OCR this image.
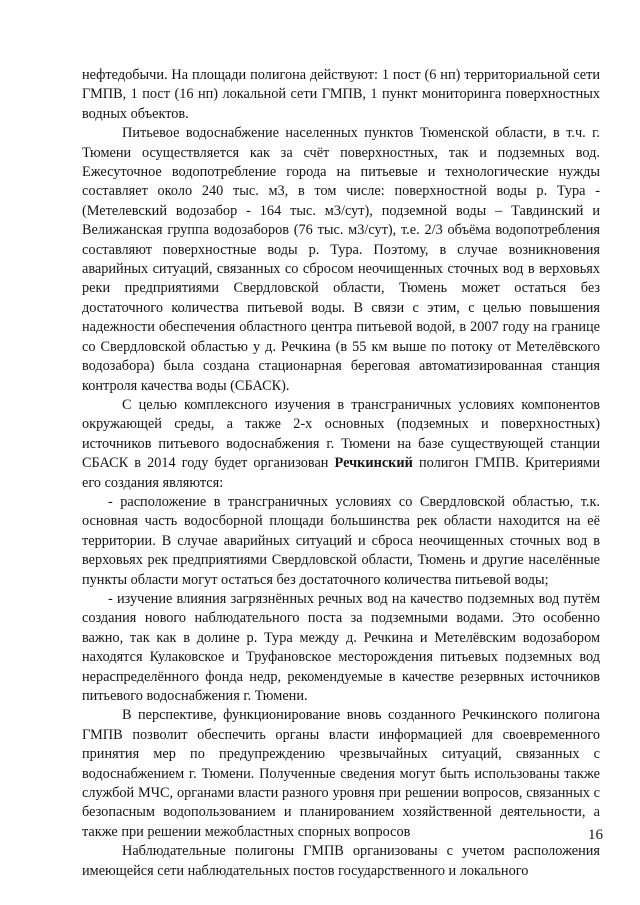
нефтедобычи. На площади полигона действуют: 1 пост (6 нп) территориальной сети ГМПВ, 1 пост (16 нп) локальной сети ГМПВ, 1 пункт мониторинга поверхностных водных объектов.

Питьевое водоснабжение населенных пунктов Тюменской области, в т.ч. г. Тюмени осуществляется как за счёт поверхностных, так и подземных вод. Ежесуточное водопотребление города на питьевые и технологические нужды составляет около 240 тыс. м3, в том числе: поверхностной воды р. Тура - (Метелевский водозабор - 164 тыс. м3/сут), подземной воды – Тавдинский и Велижанская группа водозаборов (76 тыс. м3/сут), т.е. 2/3 объёма водопотребления составляют поверхностные воды р. Тура. Поэтому, в случае возникновения аварийных ситуаций, связанных со сбросом неочищенных сточных вод в верховьях реки предприятиями Свердловской области, Тюмень может остаться без достаточного количества питьевой воды. В связи с этим, с целью повышения надежности обеспечения областного центра питьевой водой, в 2007 году на границе со Свердловской областью у д. Речкина (в 55 км выше по потоку от Метелёвского водозабора) была создана стационарная береговая автоматизированная станция контроля качества воды (СБАСК).

С целью комплексного изучения в трансграничных условиях компонентов окружающей среды, а также 2-х основных (подземных и поверхностных) источников питьевого водоснабжения г. Тюмени на базе существующей станции СБАСК в 2014 году будет организован Речкинский полигон ГМПВ. Критериями его создания являются:

- расположение в трансграничных условиях со Свердловской областью, т.к. основная часть водосборной площади большинства рек области находится на её территории. В случае аварийных ситуаций и сброса неочищенных сточных вод в верховьях рек предприятиями Свердловской области, Тюмень и другие населённые пункты области могут остаться без достаточного количества питьевой воды;

- изучение влияния загрязнённых речных вод на качество подземных вод путём создания нового наблюдательного поста за подземными водами. Это особенно важно, так как в долине р. Тура между д. Речкина и Метелёвским водозабором находятся Кулаковское и Труфановское месторождения питьевых подземных вод нераспределённого фонда недр, рекомендуемые в качестве резервных источников питьевого водоснабжения г. Тюмени.

В перспективе, функционирование вновь созданного Речкинского полигона ГМПВ позволит обеспечить органы власти информацией для своевременного принятия мер по предупреждению чрезвычайных ситуаций, связанных с водоснабжением г. Тюмени. Полученные сведения могут быть использованы также службой МЧС, органами власти разного уровня при решении вопросов, связанных с безопасным водопользованием и планированием хозяйственной деятельности, а также при решении межобластных спорных вопросов

Наблюдательные полигоны ГМПВ организованы с учетом расположения имеющейся сети наблюдательных постов государственного и локального

16
